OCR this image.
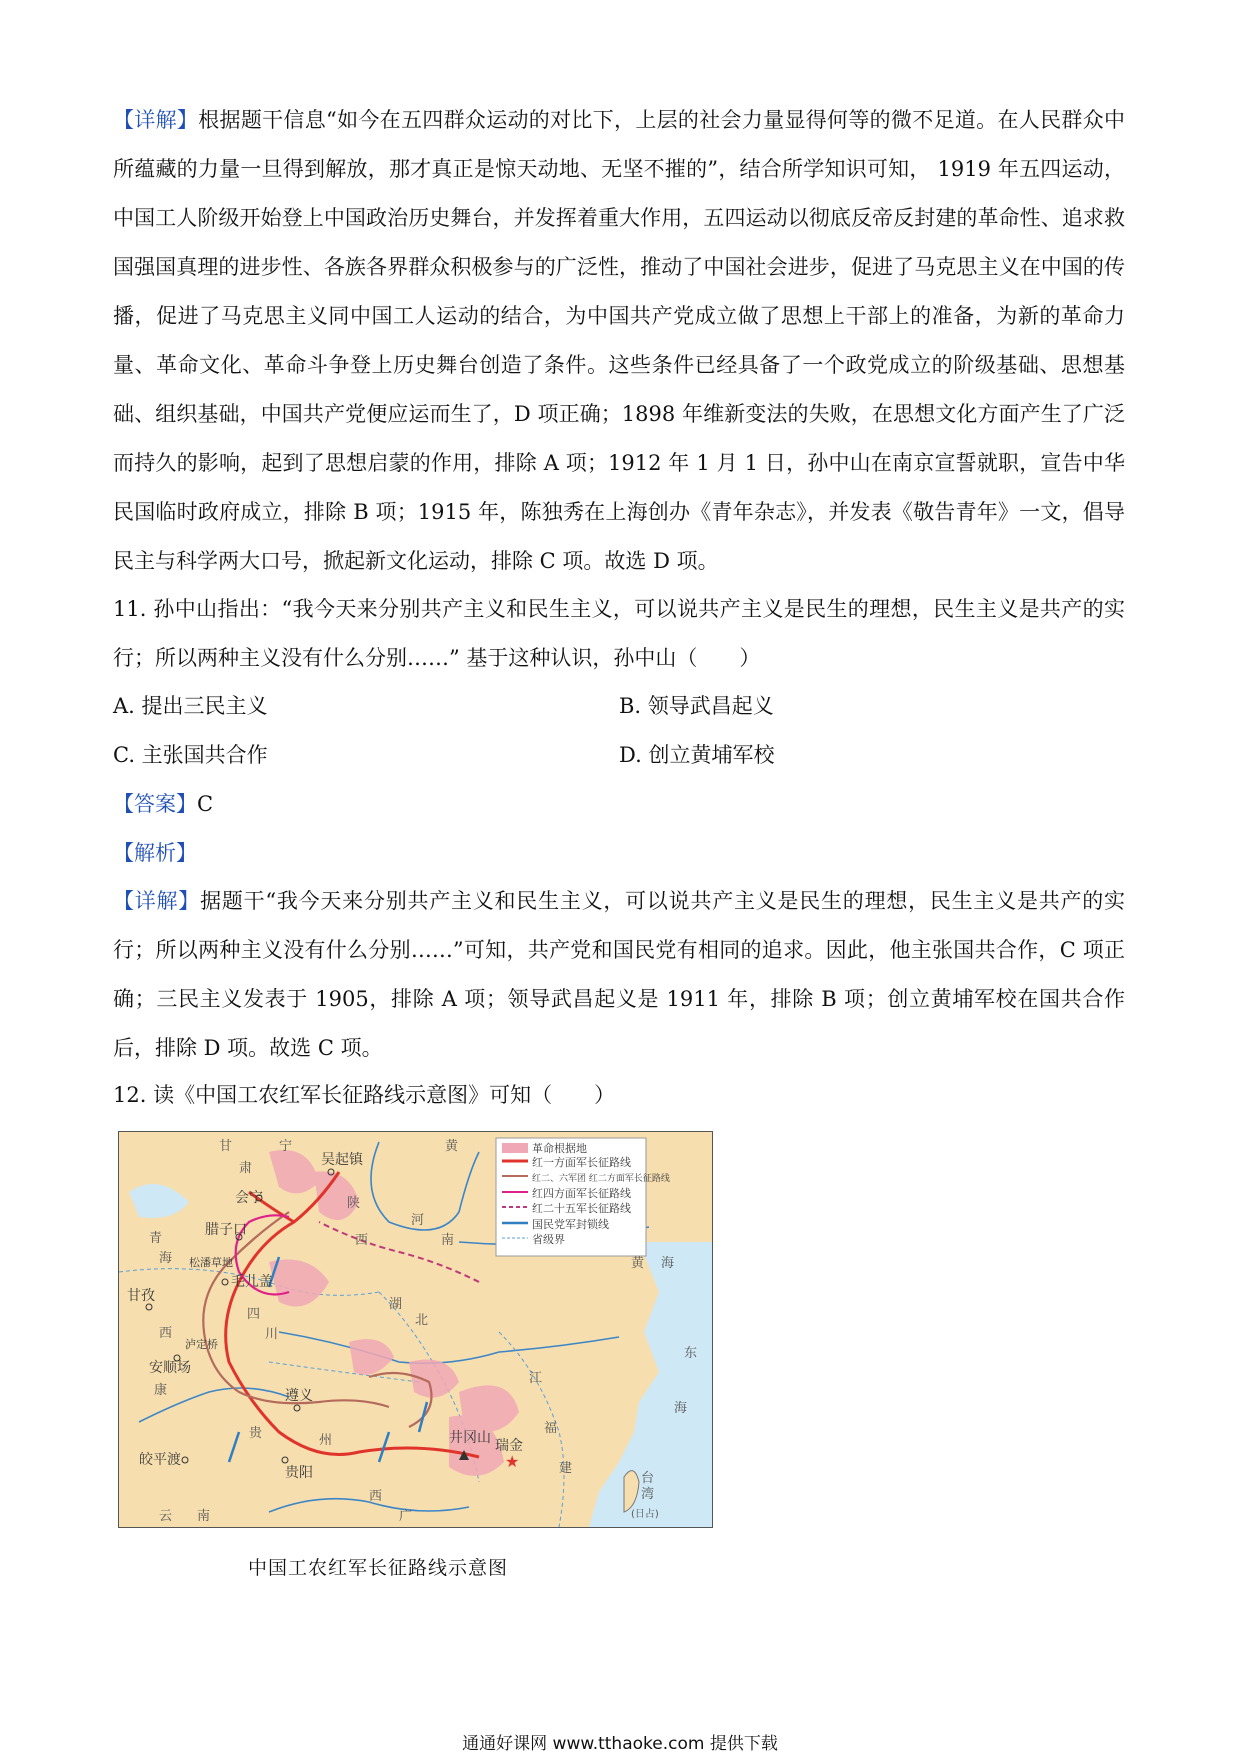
【详解】根据题干信息“如今在五四群众运动的对比下，上层的社会力量显得何等的微不足道。在人民群众中所蕴藏的力量一旦得到解放，那才真正是惊天动地、无坚不摧的”，结合所学知识可知， 1919 年五四运动，中国工人阶级开始登上中国政治历史舞台，并发挥着重大作用，五四运动以彻底反帝反封建的革命性、追求救国强国真理的进步性、各族各界群众积极参与的广泛性，推动了中国社会进步，促进了马克思主义在中国的传播，促进了马克思主义同中国工人运动的结合，为中国共产党成立做了思想上干部上的准备，为新的革命力量、革命文化、革命斗争登上历史舞台创造了条件。这些条件已经具备了一个政党成立的阶级基础、思想基础、组织基础，中国共产党便应运而生了，D 项正确；1898 年维新变法的失败，在思想文化方面产生了广泛而持久的影响，起到了思想启蒙的作用，排除 A 项；1912 年 1 月 1 日，孙中山在南京宣誓就职，宣告中华民国临时政府成立，排除 B 项；1915 年，陈独秀在上海创办《青年杂志》，并发表《敬告青年》一文，倡导民主与科学两大口号，掀起新文化运动，排除 C 项。故选 D 项。
11. 孙中山指出：“我今天来分别共产主义和民生主义，可以说共产主义是民生的理想，民生主义是共产的实行；所以两种主义没有什么分别……” 基于这种认识，孙中山（　　）
A. 提出三民主义	B. 领导武昌起义
C. 主张国共合作	D. 创立黄埔军校
【答案】C
【解析】
【详解】据题干“我今天来分别共产主义和民生主义，可以说共产主义是民生的理想，民生主义是共产的实行；所以两种主义没有什么分别……”可知，共产党和国民党有相同的追求。因此，他主张国共合作，C 项正确；三民主义发表于 1905，排除 A 项；领导武昌起义是 1911 年，排除 B 项；创立黄埔军校在国共合作后，排除 D 项。故选 C 项。
12. 读《中国工农红军长征路线示意图》可知（　　）
革命根据地
红一方面军长征路线
红二、六军团 红二方面军长征路线
红四方面军长征路线
红二十五军长征路线
国民党军封锁线
省级界
吴起镇
会宁
腊子口
松潘草地
毛儿盖
甘孜
泸定桥
安顺场
皎平渡
遵义
贵阳
井冈山
★
瑞金
宁
甘
肃
青
海
陕
西
河
南
四
川
湖
北
西
康
贵	州
云 南	广
西
江
福
建
黄 海
东
海
台
湾
(日占)
黄
中国工农红军长征路线示意图
通通好课网 www.tthaoke.com 提供下载
